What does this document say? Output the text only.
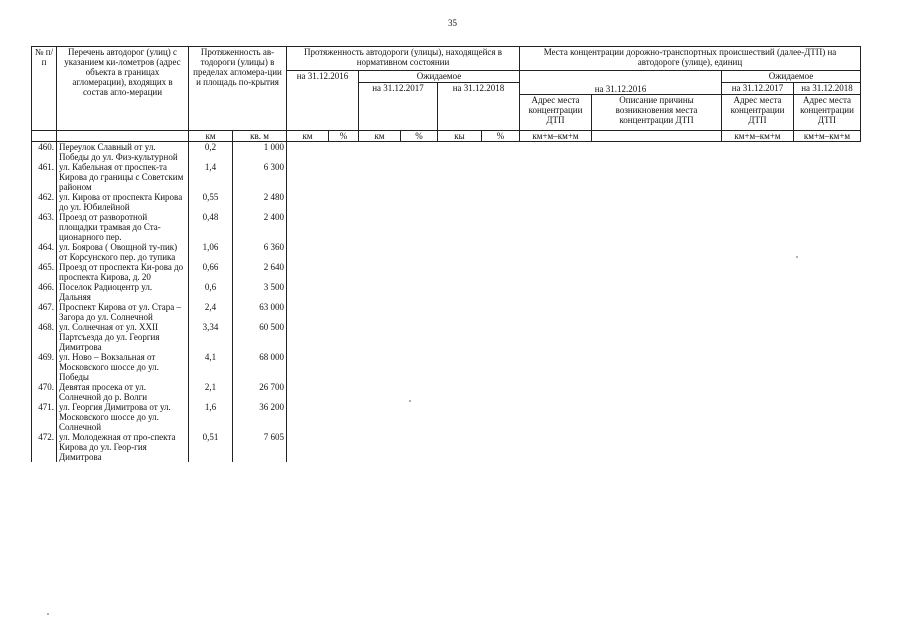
35
№ п/п	Перечень автодорог (улиц) с указанием ки-лометров (адрес объекта в границах агломерации), входящих в состав агло-мерации	Протяженность ав-тодороги (улицы) в пределах агломера-ции и площадь по-крытия		Протяженность автодороги (улицы), находящейся в нормативном состоянии						Места концентрации дорожно-транспортных происшествий (далее-ДТП) на автодороге (улице), единиц			
				на 31.12.2016		Ожидаемое				на 31.12.2016		Ожидаемое	
						на 31.12.2017		на 31.12.2018				на 31.12.2017	на 31.12.2018
										Адрес места концентрации ДТП	Описание причины возникновения места концентрации ДТП	Адрес места концентрации ДТП	Адрес места концентрации ДТП
		км	кв. м	км	%	км	%	кы	%	км+м–км+м		км+м–км+м	км+м–км+м
460.	Переулок Славный от ул. Победы до ул. Физ-культурной	0,2	1 000										
461.	ул. Кабельная от проспек-та Кирова до границы с Советским районом	1,4	6 300										
462.	ул. Кирова от проспекта Кирова до ул. Юбилейной	0,55	2 480										
463.	Проезд от разворотной площадки трамвая до Ста-ционарного пер.	0,48	2 400										
464.	ул. Боярова ( Овощной ту-пик) от Корсунского пер. до тупика	1,06	6 360										
465.	Проезд от проспекта Ки-рова до проспекта Кирова, д. 20	0,66	2 640										
466.	Поселок Радиоцентр ул. Дальняя	0,6	3 500										
467.	Проспект Кирова от ул. Стара – Загора до ул. Солнечной	2,4	63 000										
468.	ул. Солнечная от ул. XXII Партсъезда до ул. Георгия Димитрова	3,34	60 500										
469.	ул. Ново – Вокзальная от Московского шоссе до ул. Победы	4,1	68 000										
470.	Девятая просека от ул. Солнечной до р. Волги	2,1	26 700										
471.	ул. Георгия Димитрова от ул. Московского шоссе до ул. Солнечной	1,6	36 200										
472.	ул. Молодежная от про-спекта Кирова до ул. Геор-гия Димитрова	0,51	7 605										
